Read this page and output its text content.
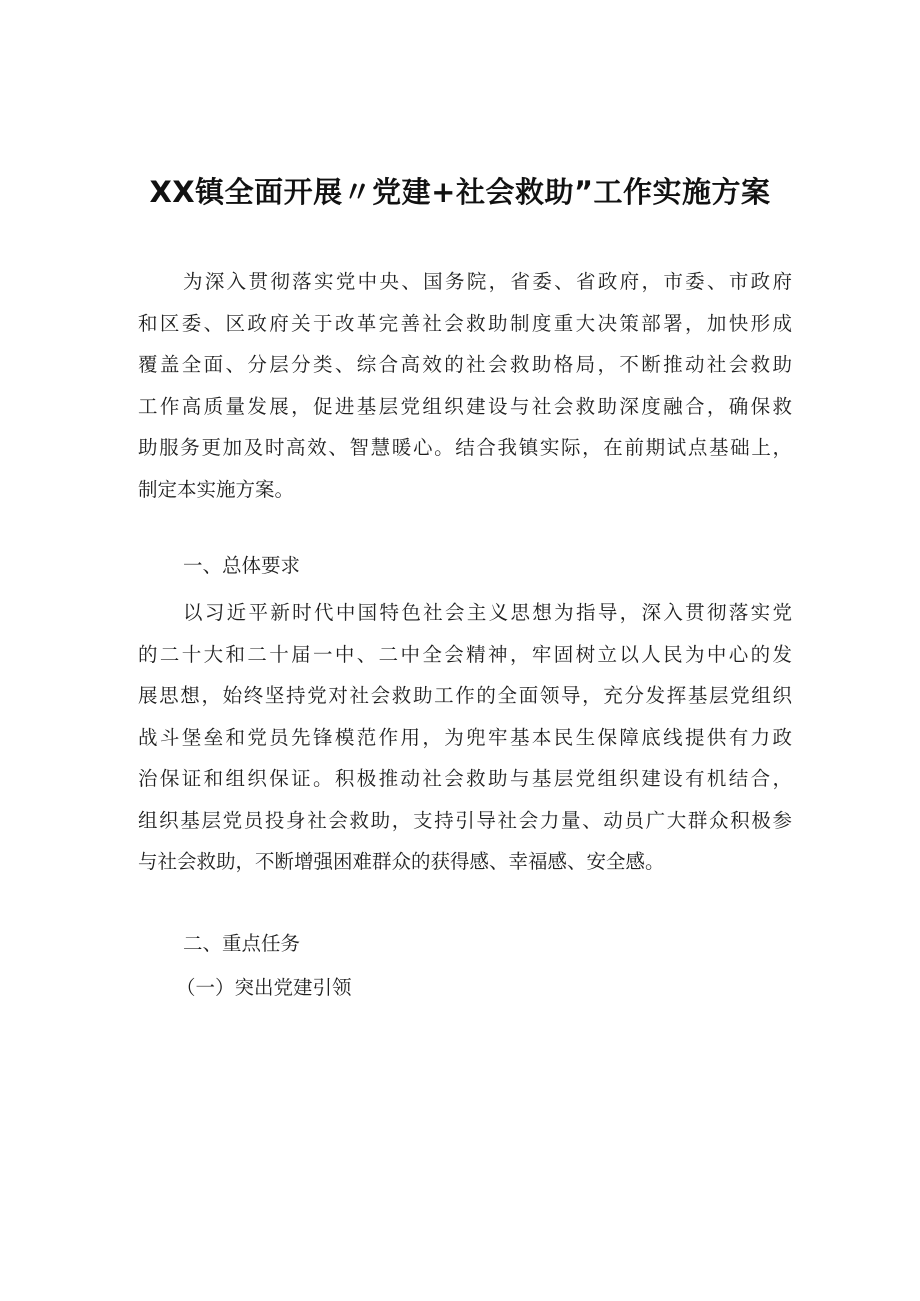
XX镇全面开展〃党建+社会救助”工作实施方案
为深入贯彻落实党中央、国务院，省委、省政府，市委、市政府
和区委、区政府关于改革完善社会救助制度重大决策部署，加快形成
覆盖全面、分层分类、综合高效的社会救助格局，不断推动社会救助
工作高质量发展，促进基层党组织建设与社会救助深度融合，确保救
助服务更加及时高效、智慧暖心。结合我镇实际，在前期试点基础上，
制定本实施方案。
一、总体要求
以习近平新时代中国特色社会主义思想为指导，深入贯彻落实党
的二十大和二十届一中、二中全会精神，牢固树立以人民为中心的发
展思想，始终坚持党对社会救助工作的全面领导，充分发挥基层党组织
战斗堡垒和党员先锋模范作用，为兜牢基本民生保障底线提供有力政
治保证和组织保证。积极推动社会救助与基层党组织建设有机结合，
组织基层党员投身社会救助，支持引导社会力量、动员广大群众积极参
与社会救助，不断增强困难群众的获得感、幸福感、安全感。
二、重点任务
（一）突出党建引领
